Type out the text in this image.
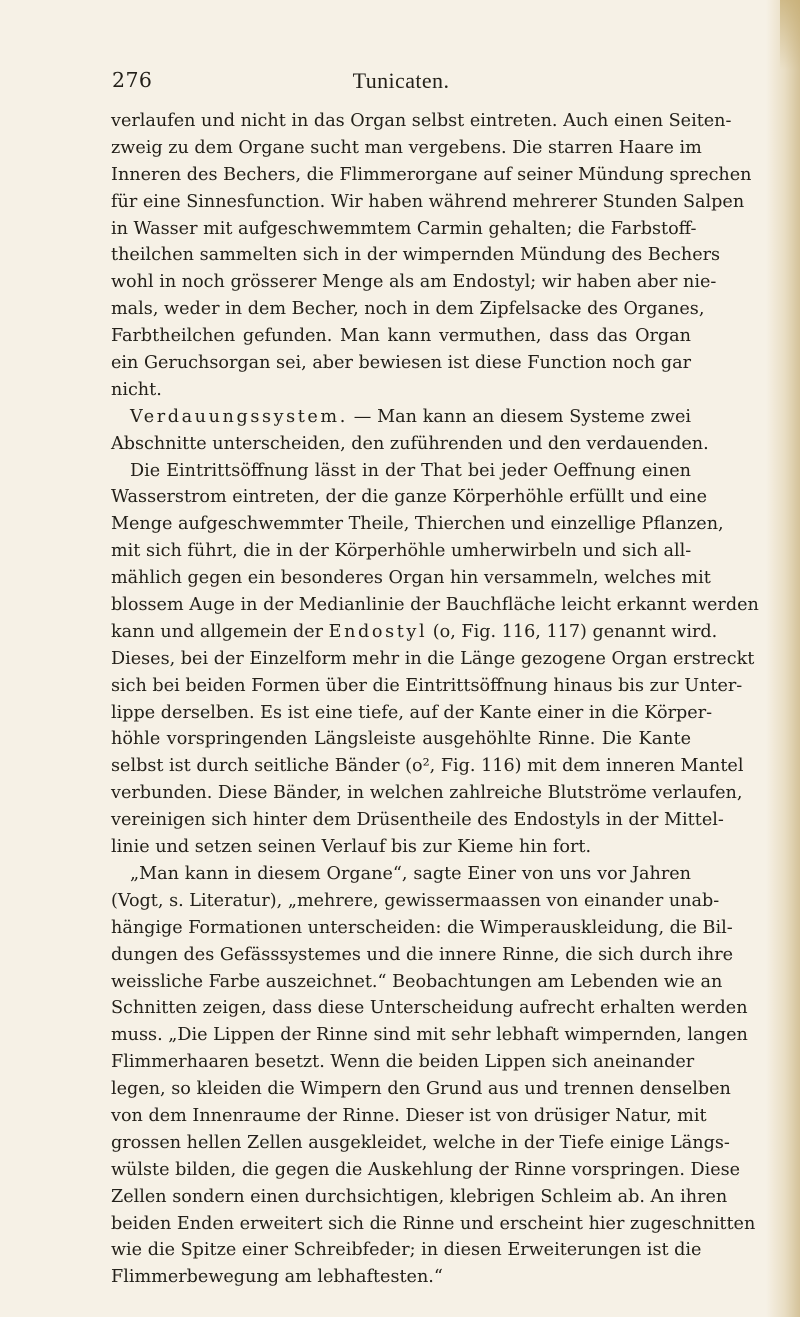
276	Tunicaten.
verlaufen und nicht in das Organ selbst eintreten. Auch einen Seiten-
zweig zu dem Organe sucht man vergebens. Die starren Haare im
Inneren des Bechers, die Flimmerorgane auf seiner Mündung sprechen
für eine Sinnesfunction. Wir haben während mehrerer Stunden Salpen
in Wasser mit aufgeschwemmtem Carmin gehalten; die Farbstoff-
theilchen sammelten sich in der wimpernden Mündung des Bechers
wohl in noch grösserer Menge als am Endostyl; wir haben aber nie-
mals, weder in dem Becher, noch in dem Zipfelsacke des Organes,
Farbtheilchen gefunden. Man kann vermuthen, dass das Organ
ein Geruchsorgan sei, aber bewiesen ist diese Function noch gar
nicht.
Verdauungssystem. — Man kann an diesem Systeme zwei
Abschnitte unterscheiden, den zuführenden und den verdauenden.
Die Eintrittsöffnung lässt in der That bei jeder Oeffnung einen
Wasserstrom eintreten, der die ganze Körperhöhle erfüllt und eine
Menge aufgeschwemmter Theile, Thierchen und einzellige Pflanzen,
mit sich führt, die in der Körperhöhle umherwirbeln und sich all-
mählich gegen ein besonderes Organ hin versammeln, welches mit
blossem Auge in der Medianlinie der Bauchfläche leicht erkannt werden
kann und allgemein der Endostyl (o, Fig. 116, 117) genannt wird.
Dieses, bei der Einzelform mehr in die Länge gezogene Organ erstreckt
sich bei beiden Formen über die Eintrittsöffnung hinaus bis zur Unter-
lippe derselben. Es ist eine tiefe, auf der Kante einer in die Körper-
höhle vorspringenden Längsleiste ausgehöhlte Rinne. Die Kante
selbst ist durch seitliche Bänder (o², Fig. 116) mit dem inneren Mantel
verbunden. Diese Bänder, in welchen zahlreiche Blutströme verlaufen,
vereinigen sich hinter dem Drüsentheile des Endostyls in der Mittel-
linie und setzen seinen Verlauf bis zur Kieme hin fort.
„Man kann in diesem Organe“, sagte Einer von uns vor Jahren
(Vogt, s. Literatur), „mehrere, gewissermaassen von einander unab-
hängige Formationen unterscheiden: die Wimperauskleidung, die Bil-
dungen des Gefässsystemes und die innere Rinne, die sich durch ihre
weissliche Farbe auszeichnet.“ Beobachtungen am Lebenden wie an
Schnitten zeigen, dass diese Unterscheidung aufrecht erhalten werden
muss. „Die Lippen der Rinne sind mit sehr lebhaft wimpernden, langen
Flimmerhaaren besetzt. Wenn die beiden Lippen sich aneinander
legen, so kleiden die Wimpern den Grund aus und trennen denselben
von dem Innenraume der Rinne. Dieser ist von drüsiger Natur, mit
grossen hellen Zellen ausgekleidet, welche in der Tiefe einige Längs-
wülste bilden, die gegen die Auskehlung der Rinne vorspringen. Diese
Zellen sondern einen durchsichtigen, klebrigen Schleim ab. An ihren
beiden Enden erweitert sich die Rinne und erscheint hier zugeschnitten
wie die Spitze einer Schreibfeder; in diesen Erweiterungen ist die
Flimmerbewegung am lebhaftesten.“
